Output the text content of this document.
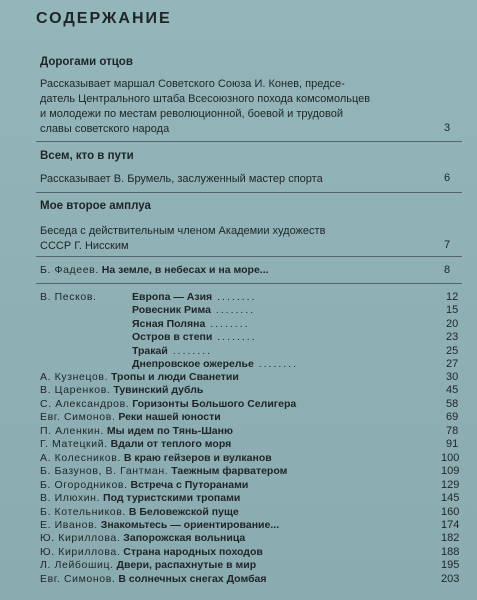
СОДЕРЖАНИЕ
Дорогами отцов
Рассказывает маршал Советского Союза И. Конев, предсе-
датель Центрального штаба Всесоюзного похода комсомольцев
и молодежи по местам революционной, боевой и трудовой
славы советского народа	3
Всем, кто в пути
Рассказывает В. Брумель, заслуженный мастер спорта	6
Мое второе амплуа
Беседа с действительным членом Академии художеств
СССР Г. Нисским	7
Б. Фадеев. На земле, в небесах и на море...	8
В. Песков.	Европа — Азия ........	12
Ровесник Рима ........	15
Ясная Поляна ........	20
Остров в степи ........	23
Тракай ........	25
Днепровское ожерелье ........	27
А. Кузнецов. Тропы и люди Сванетии	30
В. Царенков. Тувинский дубль	45
С. Александров. Горизонты Большого Селигера	58
Евг. Симонов. Реки нашей юности	69
П. Аленкин. Мы идем по Тянь-Шаню	78
Г. Матецкий. Вдали от теплого моря	91
А. Колесников. В краю гейзеров и вулканов	100
Б. Базунов, В. Гантман. Таежным фарватером	109
Б. Огородников. Встреча с Путоранами	129
В. Илюхин. Под туристскими тропами	145
Б. Котельников. В Беловежской пуще	160
Е. Иванов. Знакомьтесь — ориентирование...	174
Ю. Кириллова. Запорожская вольница	182
Ю. Кириллова. Страна народных походов	188
Л. Лейбошиц. Двери, распахнутые в мир	195
Евг. Симонов. В солнечных снегах Домбая	203
